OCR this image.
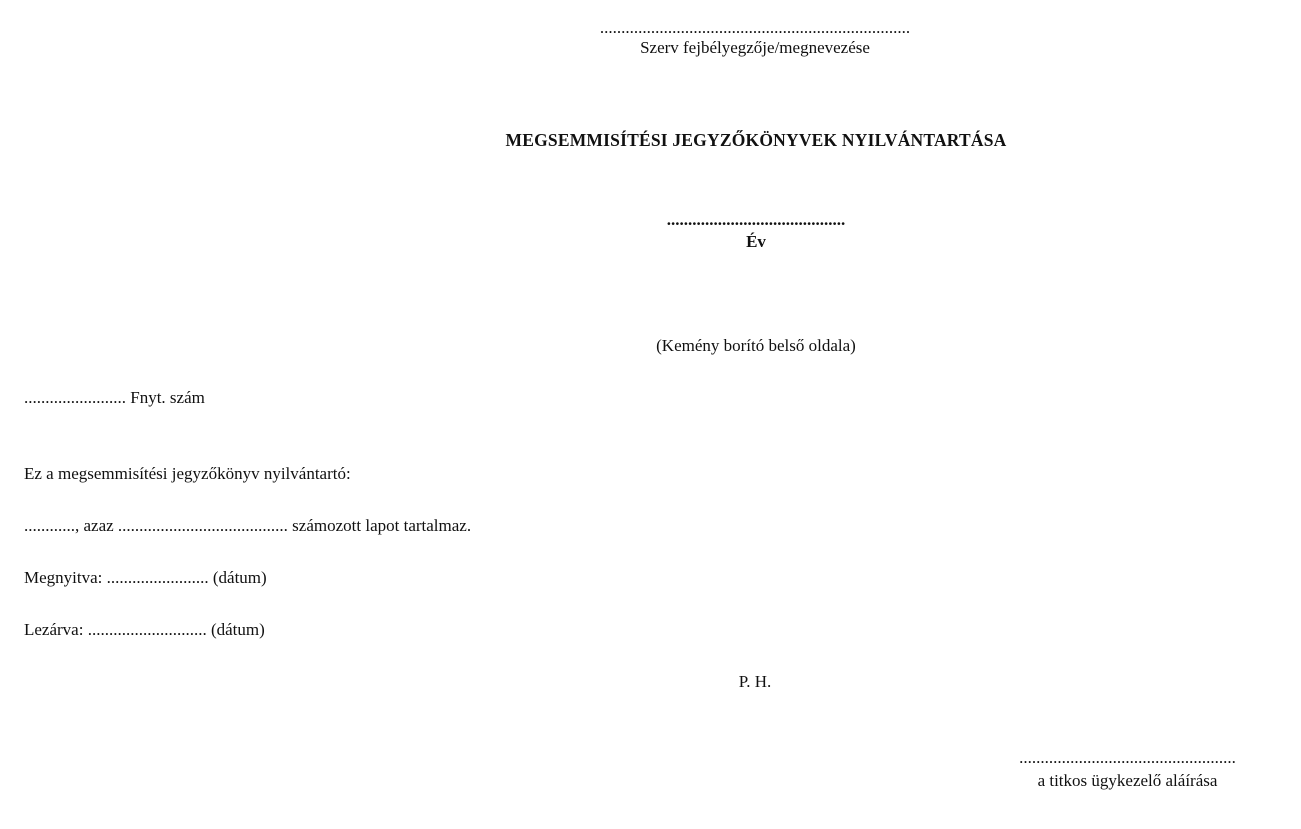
.........................................................................
Szerv fejbélyegzője/megnevezése
MEGSEMMISÍTÉSI JEGYZŐKÖNYVEK NYILVÁNTARTÁSA
..........................................
Év
(Kemény borító belső oldala)
........................ Fnyt. szám
Ez a megsemmisítési jegyzőkönyv nyilvántartó:
............, azaz ........................................ számozott lapot tartalmaz.
Megnyitva: ........................ (dátum)
Lezárva: ............................ (dátum)
P. H.
...................................................
a titkos ügykezelő aláírása
